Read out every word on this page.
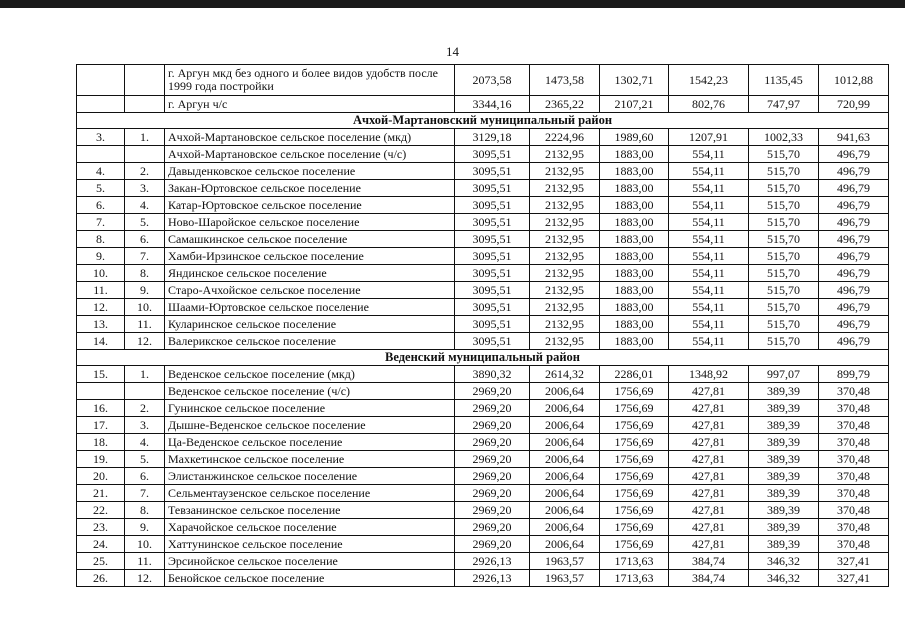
14
		г. Аргун мкд без одного и более видов удобств после 1999 года постройки	2073,58	1473,58	1302,71	1542,23	1135,45	1012,88
		г. Аргун ч/с	3344,16	2365,22	2107,21	802,76	747,97	720,99
Ачхой-Мартановский муниципальный район								
3.	1.	Ачхой-Мартановское сельское поселение (мкд)	3129,18	2224,96	1989,60	1207,91	1002,33	941,63
		Ачхой-Мартановское сельское поселение (ч/с)	3095,51	2132,95	1883,00	554,11	515,70	496,79
4.	2.	Давыденковское сельское поселение	3095,51	2132,95	1883,00	554,11	515,70	496,79
5.	3.	Закан-Юртовское сельское поселение	3095,51	2132,95	1883,00	554,11	515,70	496,79
6.	4.	Катар-Юртовское сельское поселение	3095,51	2132,95	1883,00	554,11	515,70	496,79
7.	5.	Ново-Шаройское сельское поселение	3095,51	2132,95	1883,00	554,11	515,70	496,79
8.	6.	Самашкинское сельское поселение	3095,51	2132,95	1883,00	554,11	515,70	496,79
9.	7.	Хамби-Ирзинское сельское поселение	3095,51	2132,95	1883,00	554,11	515,70	496,79
10.	8.	Яндинское сельское поселение	3095,51	2132,95	1883,00	554,11	515,70	496,79
11.	9.	Старо-Ачхойское сельское поселение	3095,51	2132,95	1883,00	554,11	515,70	496,79
12.	10.	Шаами-Юртовское сельское поселение	3095,51	2132,95	1883,00	554,11	515,70	496,79
13.	11.	Кулаpинское сельское поселение	3095,51	2132,95	1883,00	554,11	515,70	496,79
14.	12.	Валерикское сельское поселение	3095,51	2132,95	1883,00	554,11	515,70	496,79
Веденский муниципальный район								
15.	1.	Веденское сельское поселение (мкд)	3890,32	2614,32	2286,01	1348,92	997,07	899,79
		Веденское сельское поселение (ч/с)	2969,20	2006,64	1756,69	427,81	389,39	370,48
16.	2.	Гунинское сельское поселение	2969,20	2006,64	1756,69	427,81	389,39	370,48
17.	3.	Дышне-Веденское сельское поселение	2969,20	2006,64	1756,69	427,81	389,39	370,48
18.	4.	Ца-Веденское сельское поселение	2969,20	2006,64	1756,69	427,81	389,39	370,48
19.	5.	Махкетинское сельское поселение	2969,20	2006,64	1756,69	427,81	389,39	370,48
20.	6.	Элистанжинское сельское поселение	2969,20	2006,64	1756,69	427,81	389,39	370,48
21.	7.	Сельментаузенское сельское поселение	2969,20	2006,64	1756,69	427,81	389,39	370,48
22.	8.	Тевзанинское сельское поселение	2969,20	2006,64	1756,69	427,81	389,39	370,48
23.	9.	Харачойское сельское поселение	2969,20	2006,64	1756,69	427,81	389,39	370,48
24.	10.	Хаттунинское сельское поселение	2969,20	2006,64	1756,69	427,81	389,39	370,48
25.	11.	Эрсинойское сельское поселение	2926,13	1963,57	1713,63	384,74	346,32	327,41
26.	12.	Бенойское сельское поселение	2926,13	1963,57	1713,63	384,74	346,32	327,41
